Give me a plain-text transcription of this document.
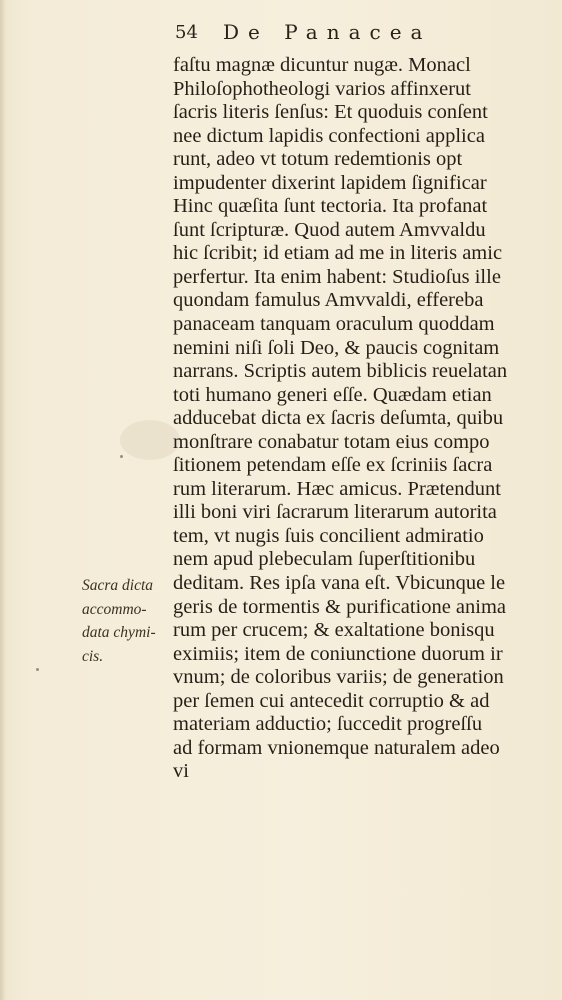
54 De Panacea
faſtu magnæ dicuntur nugæ. Monacl
Philoſophotheologi varios affinxerut
ſacris literis ſenſus: Et quoduis conſent
nee dictum lapidis confectioni applica
runt, adeo vt totum redemtionis opt
impudenter dixerint lapidem ſignificar
Hinc quæſita ſunt tectoria. Ita profanat
ſunt ſcripturæ. Quod autem Amvvaldu
hic ſcribit; id etiam ad me in literis amic
perfertur. Ita enim habent: Studioſus ille
quondam famulus Amvvaldi, effereba
panaceam tanquam oraculum quoddam
nemini niſi ſoli Deo, & paucis cognitam
narrans. Scriptis autem biblicis reuelatan
toti humano generi eſſe. Quædam etian
adducebat dicta ex ſacris deſumta, quibu
monſtrare conabatur totam eius compo
ſitionem petendam eſſe ex ſcriniis ſacra
rum literarum. Hæc amicus. Prætendunt
illi boni viri ſacrarum literarum autorita
tem, vt nugis ſuis concilient admiratio
nem apud plebeculam ſuperſtitionibu
deditam. Res ipſa vana eſt. Vbicunque le
geris de tormentis & purificatione anima
rum per crucem; & exaltatione bonisqu
eximiis; item de coniunctione duorum ir
vnum; de coloribus variis; de generation
per ſemen cui antecedit corruptio & ad
materiam adductio; ſuccedit progreſſu
ad formam vnionemque naturalem adeo
vi
Sacra dicta
accommo-
data chymi-
cis.
